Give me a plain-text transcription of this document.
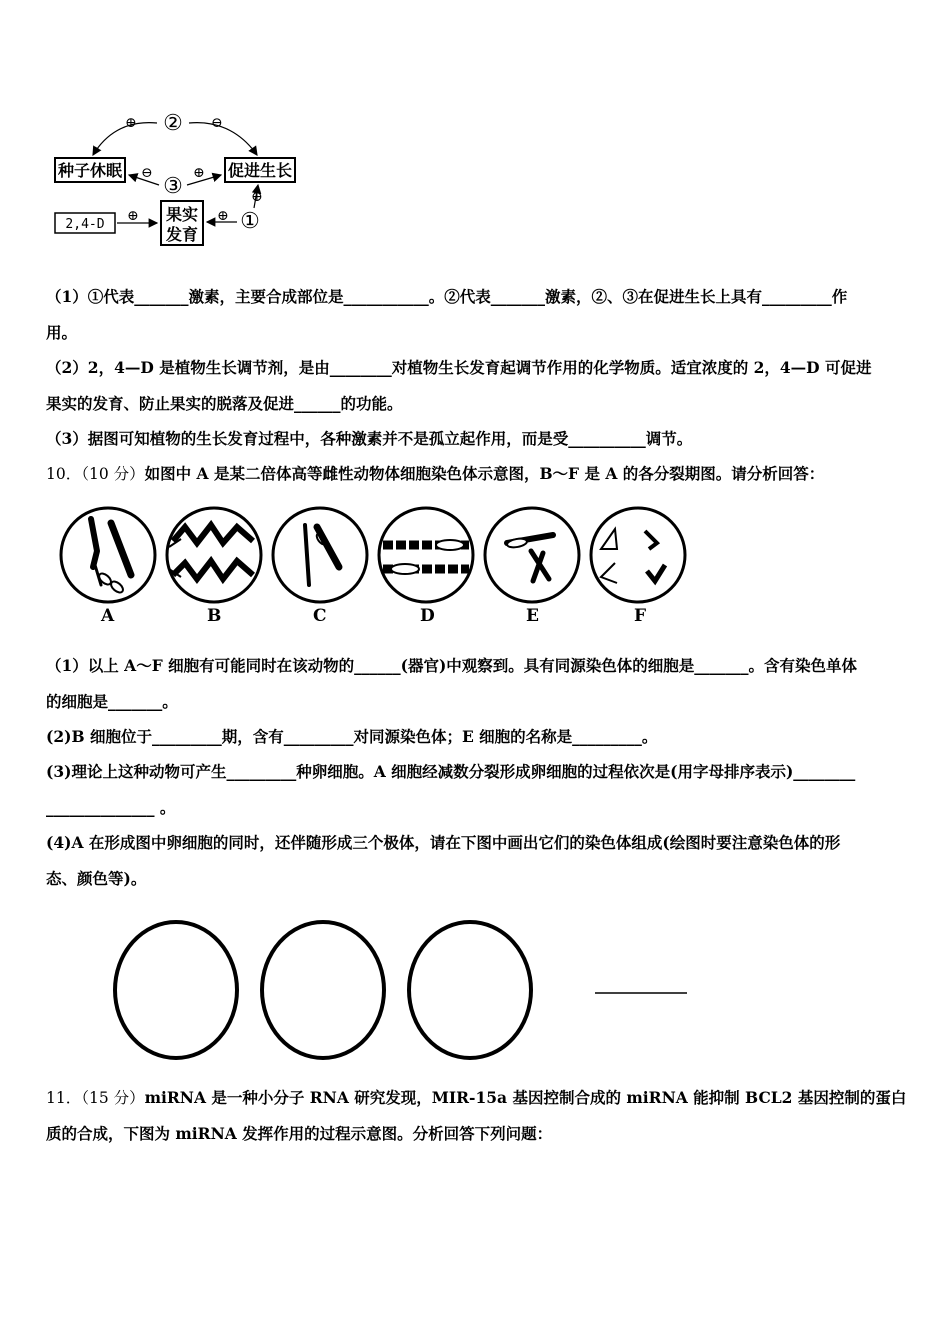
种子休眠	促进生长
2,4-D
果实
发育
②
③
①
⊕	⊖
⊖	⊕
⊕
⊕
⊕
（1）①代表_______激素，主要合成部位是___________。②代表_______激素，②、③在促进生长上具有_________作
用。
（2）2，4—D 是植物生长调节剂，是由________对植物生长发育起调节作用的化学物质。适宜浓度的 2，4—D 可促进
果实的发育、防止果实的脱落及促进______的功能。
（3）据图可知植物的生长发育过程中，各种激素并不是孤立起作用，而是受__________调节。
10．（10 分）如图中 A 是某二倍体高等雌性动物体细胞染色体示意图，B～F 是 A 的各分裂期图。请分析回答：
A	B	C	D	E	F
（1）以上 A～F 细胞有可能同时在该动物的______(器官)中观察到。具有同源染色体的细胞是_______。含有染色单体
的细胞是_______。
(2)B 细胞位于_________期，含有_________对同源染色体；E 细胞的名称是_________。
(3)理论上这种动物可产生_________种卵细胞。A 细胞经减数分裂形成卵细胞的过程依次是(用字母排序表示)________
______________ 。
(4)A 在形成图中卵细胞的同时，还伴随形成三个极体，请在下图中画出它们的染色体组成(绘图时要注意染色体的形
态、颜色等)。
11．（15 分）miRNA 是一种小分子 RNA 研究发现，MIR-15a 基因控制合成的 miRNA 能抑制 BCL2 基因控制的蛋白
质的合成，下图为 miRNA 发挥作用的过程示意图。分析回答下列问题：
